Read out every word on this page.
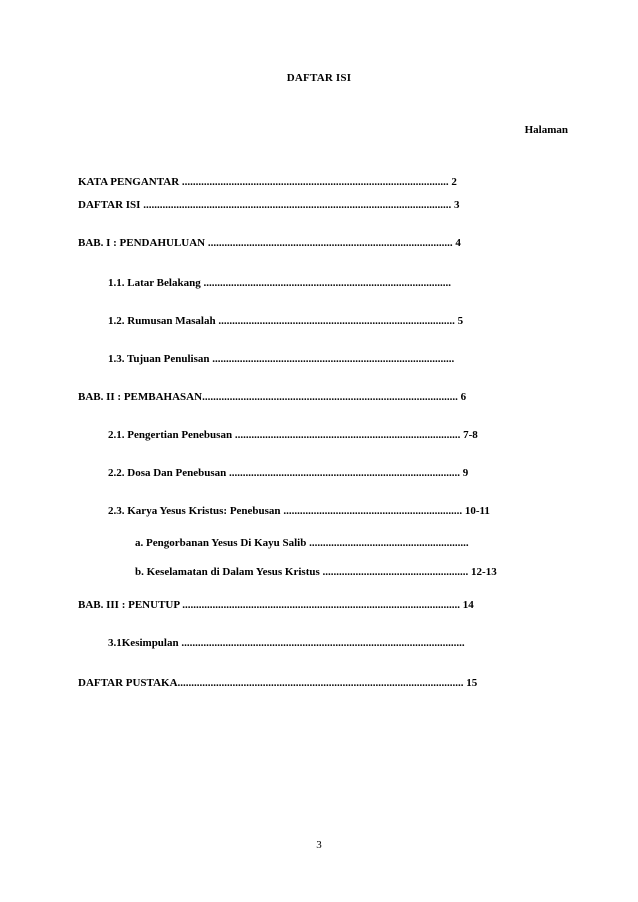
DAFTAR ISI
Halaman
KATA PENGANTAR ................................................................................................. 2
DAFTAR ISI ................................................................................................................ 3
BAB. I : PENDAHULUAN ......................................................................................... 4
1.1. Latar Belakang ..........................................................................................
1.2. Rumusan Masalah ...................................................................................... 5
1.3. Tujuan Penulisan ........................................................................................
BAB. II : PEMBAHASAN............................................................................................. 6
2.1. Pengertian Penebusan .................................................................................. 7-8
2.2. Dosa Dan Penebusan .................................................................................... 9
2.3. Karya Yesus Kristus: Penebusan ................................................................. 10-11
a. Pengorbanan Yesus Di Kayu Salib ..........................................................
b. Keselamatan di Dalam Yesus Kristus ..................................................... 12-13
BAB. III : PENUTUP ..................................................................................................... 14
3.1Kesimpulan .......................................................................................................
DAFTAR PUSTAKA........................................................................................................ 15
3
